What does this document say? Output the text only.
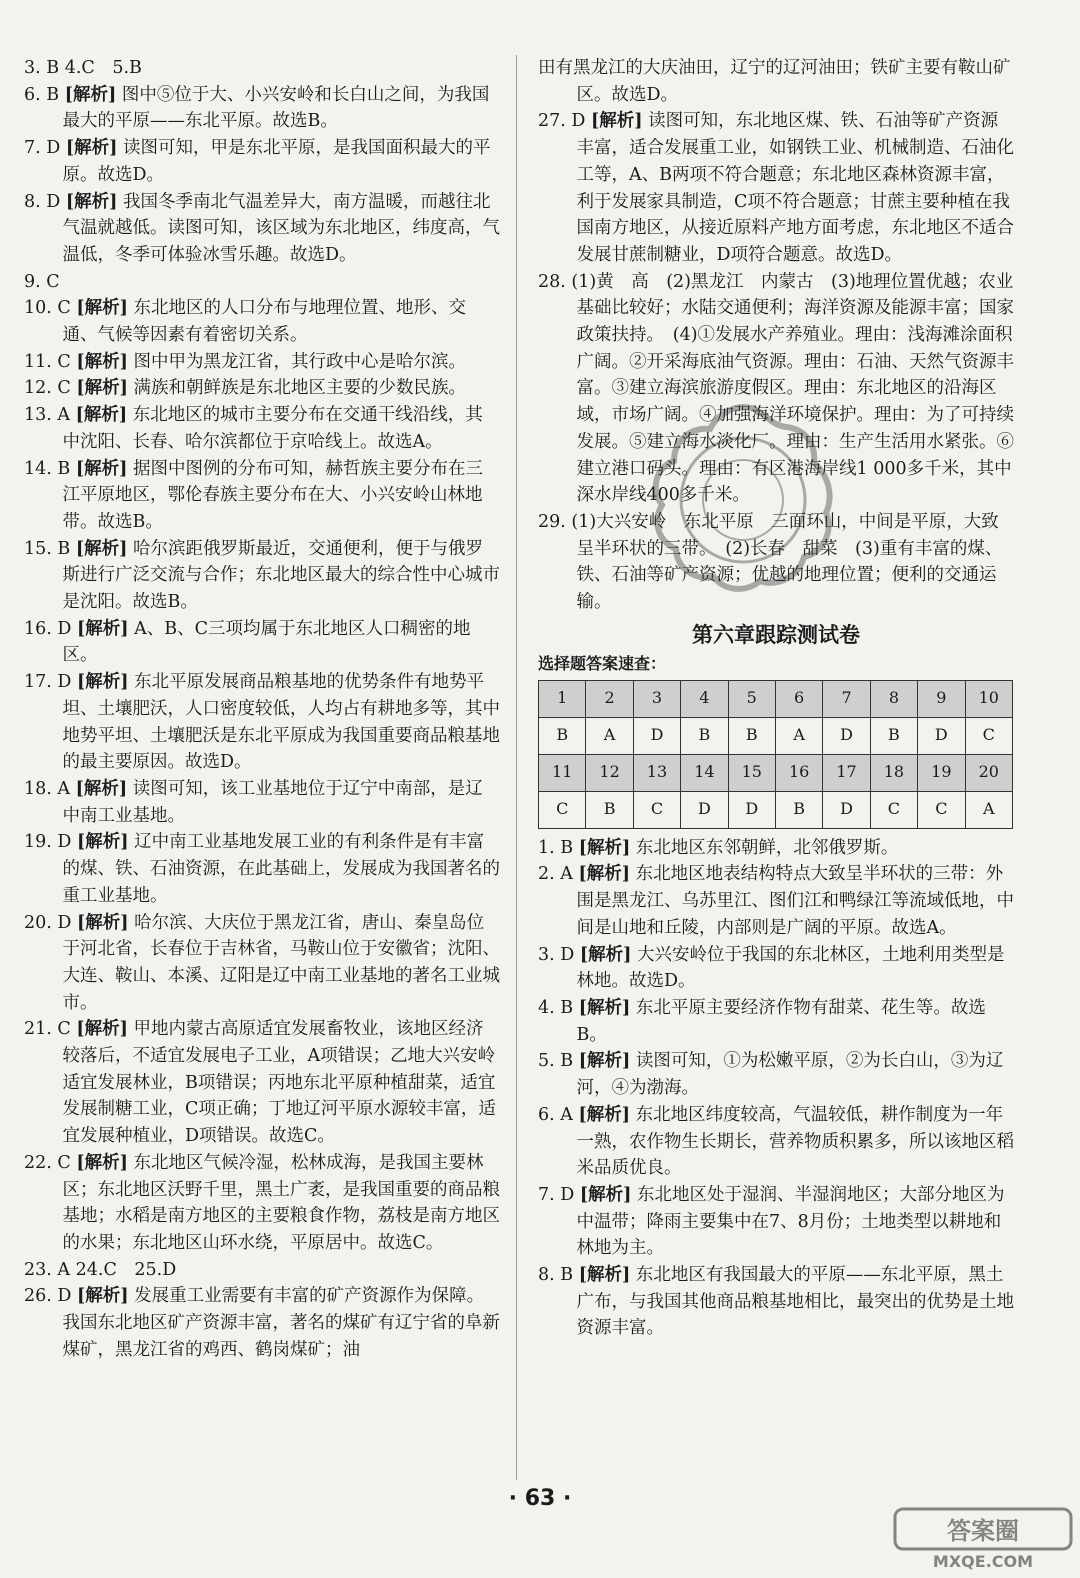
3. B 4.C　5.B

6. B [解析] 图中⑤位于大、小兴安岭和长白山之间，为我国最大的平原——东北平原。故选B。

7. D [解析] 读图可知，甲是东北平原，是我国面积最大的平原。故选D。

8. D [解析] 我国冬季南北气温差异大，南方温暖，而越往北气温就越低。读图可知，该区域为东北地区，纬度高，气温低，冬季可体验冰雪乐趣。故选D。

9. C

10. C [解析] 东北地区的人口分布与地理位置、地形、交通、气候等因素有着密切关系。

11. C [解析] 图中甲为黑龙江省，其行政中心是哈尔滨。

12. C [解析] 满族和朝鲜族是东北地区主要的少数民族。

13. A [解析] 东北地区的城市主要分布在交通干线沿线，其中沈阳、长春、哈尔滨都位于京哈线上。故选A。

14. B [解析] 据图中图例的分布可知，赫哲族主要分布在三江平原地区，鄂伦春族主要分布在大、小兴安岭山林地带。故选B。

15. B [解析] 哈尔滨距俄罗斯最近，交通便利，便于与俄罗斯进行广泛交流与合作；东北地区最大的综合性中心城市是沈阳。故选B。

16. D [解析] A、B、C三项均属于东北地区人口稠密的地区。

17. D [解析] 东北平原发展商品粮基地的优势条件有地势平坦、土壤肥沃，人口密度较低，人均占有耕地多等，其中地势平坦、土壤肥沃是东北平原成为我国重要商品粮基地的最主要原因。故选D。

18. A [解析] 读图可知，该工业基地位于辽宁中南部，是辽中南工业基地。

19. D [解析] 辽中南工业基地发展工业的有利条件是有丰富的煤、铁、石油资源，在此基础上，发展成为我国著名的重工业基地。

20. D [解析] 哈尔滨、大庆位于黑龙江省，唐山、秦皇岛位于河北省，长春位于吉林省，马鞍山位于安徽省；沈阳、大连、鞍山、本溪、辽阳是辽中南工业基地的著名工业城市。

21. C [解析] 甲地内蒙古高原适宜发展畜牧业，该地区经济较落后，不适宜发展电子工业，A项错误；乙地大兴安岭适宜发展林业，B项错误；丙地东北平原种植甜菜，适宜发展制糖工业，C项正确；丁地辽河平原水源较丰富，适宜发展种植业，D项错误。故选C。

22. C [解析] 东北地区气候冷湿，松林成海，是我国主要林区；东北地区沃野千里，黑土广袤，是我国重要的商品粮基地；水稻是南方地区的主要粮食作物，荔枝是南方地区的水果；东北地区山环水绕，平原居中。故选C。

23. A 24.C　25.D

26. D [解析] 发展重工业需要有丰富的矿产资源作为保障。我国东北地区矿产资源丰富，著名的煤矿有辽宁省的阜新煤矿，黑龙江省的鸡西、鹤岗煤矿；油

田有黑龙江的大庆油田，辽宁的辽河油田；铁矿主要有鞍山矿区。故选D。

27. D [解析] 读图可知，东北地区煤、铁、石油等矿产资源丰富，适合发展重工业，如钢铁工业、机械制造、石油化工等，A、B两项不符合题意；东北地区森林资源丰富，利于发展家具制造，C项不符合题意；甘蔗主要种植在我国南方地区，从接近原料产地方面考虑，东北地区不适合发展甘蔗制糖业，D项符合题意。故选D。

28. (1)黄　高　(2)黑龙江　内蒙古　(3)地理位置优越；农业基础比较好；水陆交通便利；海洋资源及能源丰富；国家政策扶持。　(4)①发展水产养殖业。理由：浅海滩涂面积广阔。②开采海底油气资源。理由：石油、天然气资源丰富。③建立海滨旅游度假区。理由：东北地区的沿海区域，市场广阔。④加强海洋环境保护。理由：为了可持续发展。⑤建立海水淡化厂。理由：生产生活用水紧张。⑥建立港口码头。理由：有区港海岸线1 000多千米，其中深水岸线400多千米。

29. (1)大兴安岭　东北平原　三面环山，中间是平原，大致呈半环状的三带。　(2)长春　甜菜　(3)重有丰富的煤、铁、石油等矿产资源；优越的地理位置；便利的交通运输。

第六章跟踪测试卷
选择题答案速查：
1	2	3	4	5	6	7	8	9	10
B	A	D	B	B	A	D	B	D	C
11	12	13	14	15	16	17	18	19	20
C	B	C	D	D	B	D	C	C	A

1. B [解析] 东北地区东邻朝鲜，北邻俄罗斯。

2. A [解析] 东北地区地表结构特点大致呈半环状的三带：外围是黑龙江、乌苏里江、图们江和鸭绿江等流域低地，中间是山地和丘陵，内部则是广阔的平原。故选A。

3. D [解析] 大兴安岭位于我国的东北林区，土地利用类型是林地。故选D。

4. B [解析] 东北平原主要经济作物有甜菜、花生等。故选B。

5. B [解析] 读图可知，①为松嫩平原，②为长白山，③为辽河，④为渤海。

6. A [解析] 东北地区纬度较高，气温较低，耕作制度为一年一熟，农作物生长期长，营养物质积累多，所以该地区稻米品质优良。

7. D [解析] 东北地区处于湿润、半湿润地区；大部分地区为中温带；降雨主要集中在7、8月份；土地类型以耕地和林地为主。

8. B [解析] 东北地区有我国最大的平原——东北平原，黑土广布，与我国其他商品粮基地相比，最突出的优势是土地资源丰富。

· 63 ·
答案圈
MXQE.COM
